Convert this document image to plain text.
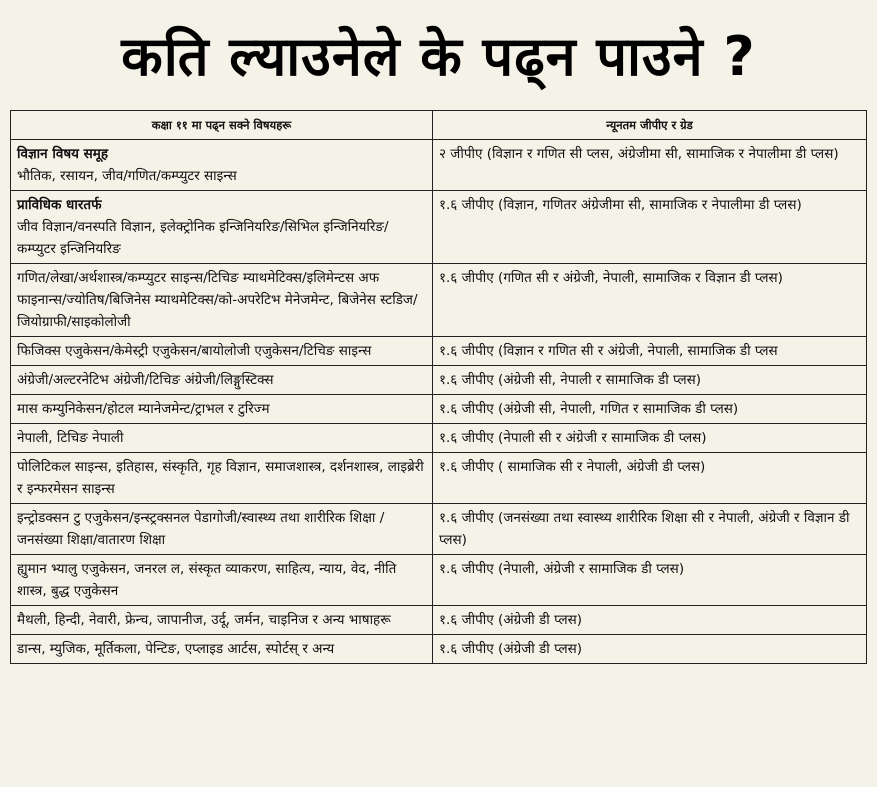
कति ल्याउनेले के पढ्न पाउने ?
कक्षा ११ मा पढ्न सक्ने विषयहरू	न्यूनतम जीपीए र ग्रेड

विज्ञान विषय समूह
भौतिक, रसायन, जीव/गणित/कम्प्युटर साइन्स	२ जीपीए (विज्ञान र गणित सी प्लस, अंग्रेजीमा सी, सामाजिक र नेपालीमा डी प्लस)

प्राविधिक धारतर्फ
जीव विज्ञान/वनस्पति विज्ञान, इलेक्ट्रोनिक इन्जिनियरिङ/सिभिल इन्जिनियरिङ/कम्प्युटर इन्जिनियरिङ	१.६ जीपीए (विज्ञान, गणितर अंग्रेजीमा सी, सामाजिक र नेपालीमा डी प्लस)

गणित/लेखा/अर्थशास्त्र/कम्प्युटर साइन्स/टिचिङ म्याथमेटिक्स/इलिमेन्टस अफ फाइनान्स/ज्योतिष/बिजिनेस म्याथमेटिक्स/को-अपरेटिभ मेनेजमेन्ट, बिजेनेस स्टडिज/जियोग्राफी/साइकोलोजी	१.६ जीपीए (गणित सी र अंग्रेजी, नेपाली, सामाजिक र विज्ञान डी प्लस)

फिजिक्स एजुकेसन/केमेस्ट्री एजुकेसन/बायोलोजी एजुकेसन/टिचिङ साइन्स	१.६ जीपीए (विज्ञान र गणित सी र अंग्रेजी, नेपाली, सामाजिक डी प्लस

अंग्रेजी/अल्टरनेटिभ अंग्रेजी/टिचिङ अंग्रेजी/लिङ्गुस्टिक्स	१.६ जीपीए (अंग्रेजी सी, नेपाली र सामाजिक डी प्लस)

मास कम्युनिकेसन/होटल म्यानेजमेन्ट/ट्राभल र टुरिज्म	१.६ जीपीए (अंग्रेजी सी, नेपाली, गणित र सामाजिक डी प्लस)

नेपाली, टिचिङ नेपाली	१.६ जीपीए (नेपाली सी र अंग्रेजी र सामाजिक डी प्लस)

पोलिटिकल साइन्स, इतिहास, संस्कृति, गृह विज्ञान, समाजशास्त्र, दर्शनशास्त्र, लाइब्रेरी र इन्फरमेसन साइन्स	१.६ जीपीए ( सामाजिक सी र नेपाली, अंग्रेजी डी प्लस)

इन्ट्रोडक्सन टु एजुकेसन/इन्स्ट्रक्सनल पेडागोजी/स्वास्थ्य तथा शारीरिक शिक्षा /जनसंख्या शिक्षा/वातारण शिक्षा	१.६ जीपीए (जनसंख्या तथा स्वास्थ्य शारीरिक शिक्षा सी र नेपाली, अंग्रेजी र विज्ञान डी प्लस)

ह्युमान भ्यालु एजुकेसन, जनरल ल, संस्कृत व्याकरण, साहित्य, न्याय, वेद, नीति शास्त्र, बुद्ध एजुकेसन	१.६ जीपीए (नेपाली, अंग्रेजी र सामाजिक डी प्लस)

मैथली, हिन्दी, नेवारी, फ्रेन्च, जापानीज, उर्दू, जर्मन, चाइनिज र अन्य भाषाहरू	१.६ जीपीए (अंग्रेजी डी प्लस)

डान्स, म्युजिक, मूर्तिकला, पेन्टिङ, एप्लाइड आर्टस, स्पोर्टस् र अन्य	१.६ जीपीए (अंग्रेजी डी प्लस)
